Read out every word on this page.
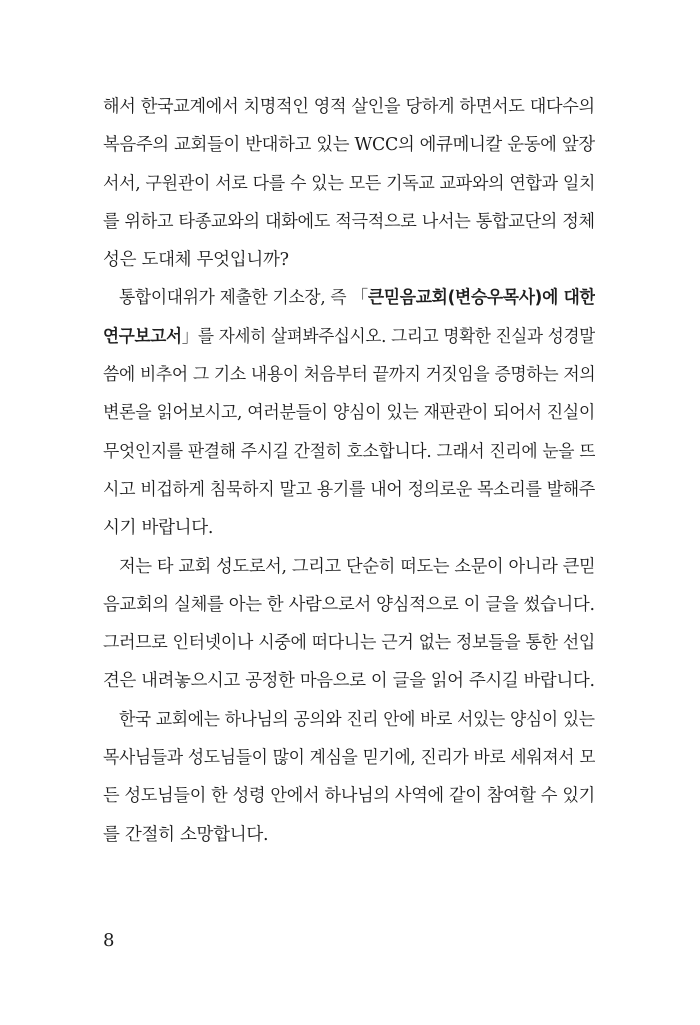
해서 한국교계에서 치명적인 영적 살인을 당하게 하면서도 대다수의
복음주의 교회들이 반대하고 있는 WCC의 에큐메니칼 운동에 앞장
서서, 구원관이 서로 다를 수 있는 모든 기독교 교파와의 연합과 일치
를 위하고 타종교와의 대화에도 적극적으로 나서는 통합교단의 정체
성은 도대체 무엇입니까?
통합이대위가 제출한 기소장, 즉 「큰믿음교회(변승우목사)에 대한
연구보고서」를 자세히 살펴봐주십시오. 그리고 명확한 진실과 성경말
씀에 비추어 그 기소 내용이 처음부터 끝까지 거짓임을 증명하는 저의
변론을 읽어보시고, 여러분들이 양심이 있는 재판관이 되어서 진실이
무엇인지를 판결해 주시길 간절히 호소합니다. 그래서 진리에 눈을 뜨
시고 비겁하게 침묵하지 말고 용기를 내어 정의로운 목소리를 발해주
시기 바랍니다.
저는 타 교회 성도로서, 그리고 단순히 떠도는 소문이 아니라 큰믿
음교회의 실체를 아는 한 사람으로서 양심적으로 이 글을 썼습니다.
그러므로 인터넷이나 시중에 떠다니는 근거 없는 정보들을 통한 선입
견은 내려놓으시고 공정한 마음으로 이 글을 읽어 주시길 바랍니다.
한국 교회에는 하나님의 공의와 진리 안에 바로 서있는 양심이 있는
목사님들과 성도님들이 많이 계심을 믿기에, 진리가 바로 세워져서 모
든 성도님들이 한 성령 안에서 하나님의 사역에 같이 참여할 수 있기
를 간절히 소망합니다.
8
